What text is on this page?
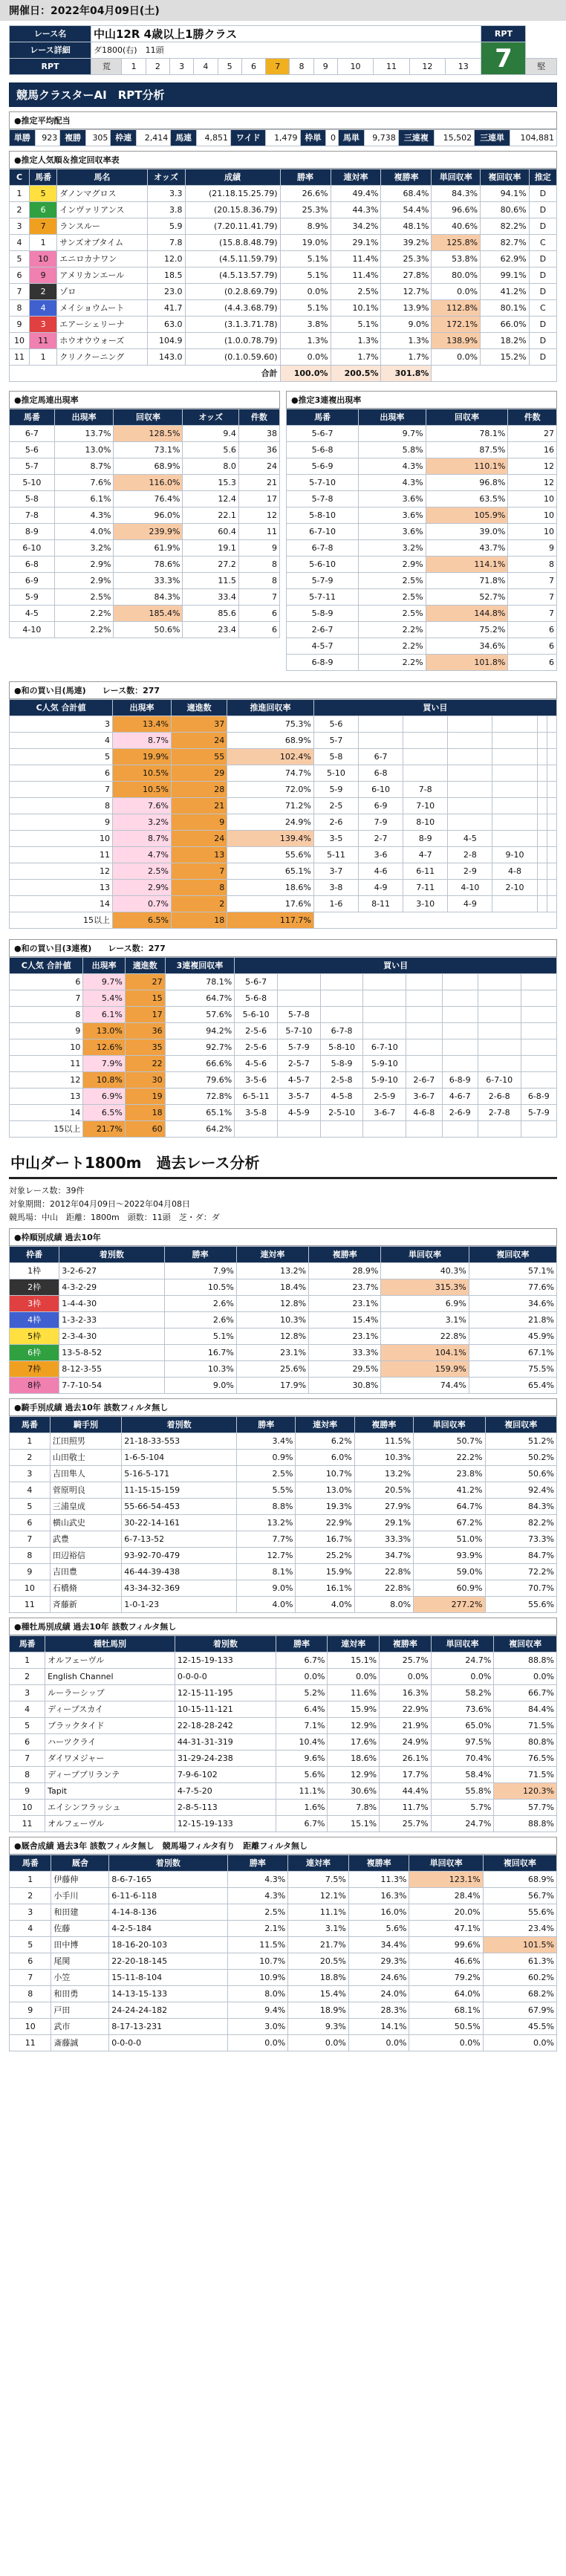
開催日：2022年04月09日(土)
レース名	中山12R 4歳以上1勝クラス														RPT	
レース詳細	ダ1800(右)　11頭														7	
RPT	荒	1	2	3	4	5	6	7	8	9	10	11	12	13		堅
競馬クラスターAI　RPT分析
●推定平均配当
単勝	923	複勝	305	枠連	2,414	馬連	4,851	ワイド	1,479	枠単	0	馬単	9,738	三連複	15,502	三連単	104,881
●推定人気順＆推定回収率表
C	馬番	馬名	オッズ	成績	勝率	連対率	複勝率	単回収率	複回収率	推定
1	5	ダノンマグロス	3.3	(21.18.15.25.79)	26.6%	49.4%	68.4%	84.3%	94.1%	D
2	6	インヴァリアンス	3.8	(20.15.8.36.79)	25.3%	44.3%	54.4%	96.6%	80.6%	D
3	7	ランスルー	5.9	(7.20.11.41.79)	8.9%	34.2%	48.1%	40.6%	82.2%	D
4	1	サンズオブタイム	7.8	(15.8.8.48.79)	19.0%	29.1%	39.2%	125.8%	82.7%	C
5	10	エニロカナワン	12.0	(4.5.11.59.79)	5.1%	11.4%	25.3%	53.8%	62.9%	D
6	9	アメリカンエール	18.5	(4.5.13.57.79)	5.1%	11.4%	27.8%	80.0%	99.1%	D
7	2	ゾロ	23.0	(0.2.8.69.79)	0.0%	2.5%	12.7%	0.0%	41.2%	D
8	4	メイショウムート	41.7	(4.4.3.68.79)	5.1%	10.1%	13.9%	112.8%	80.1%	C
9	3	エアーシェリーナ	63.0	(3.1.3.71.78)	3.8%	5.1%	9.0%	172.1%	66.0%	D
10	11	ホウオウウォーズ	104.9	(1.0.0.78.79)	1.3%	1.3%	1.3%	138.9%	18.2%	D
11	1	クリノクーニング	143.0	(0.1.0.59.60)	0.0%	1.7%	1.7%	0.0%	15.2%	D
合計					100.0%	200.5%	301.8%			
●推定馬連出現率
馬番	出現率	回収率	オッズ	件数
6-7	13.7%	128.5%	9.4	38
5-6	13.0%	73.1%	5.6	36
5-7	8.7%	68.9%	8.0	24
5-10	7.6%	116.0%	15.3	21
5-8	6.1%	76.4%	12.4	17
7-8	4.3%	96.0%	22.1	12
8-9	4.0%	239.9%	60.4	11
6-10	3.2%	61.9%	19.1	9
6-8	2.9%	78.6%	27.2	8
6-9	2.9%	33.3%	11.5	8
5-9	2.5%	84.3%	33.4	7
4-5	2.2%	185.4%	85.6	6
4-10	2.2%	50.6%	23.4	6
●推定3連複出現率
馬番	出現率	回収率	件数
5-6-7	9.7%	78.1%	27
5-6-8	5.8%	87.5%	16
5-6-9	4.3%	110.1%	12
5-7-10	4.3%	96.8%	12
5-7-8	3.6%	63.5%	10
5-8-10	3.6%	105.9%	10
6-7-10	3.6%	39.0%	10
6-7-8	3.2%	43.7%	9
5-6-10	2.9%	114.1%	8
5-7-9	2.5%	71.8%	7
5-7-11	2.5%	52.7%	7
5-8-9	2.5%	144.8%	7
2-6-7	2.2%	75.2%	6
4-5-7	2.2%	34.6%	6
6-8-9	2.2%	101.8%	6
●和の買い目(馬連)　　レース数：277
C人気 合計値	出現率	適進数	推進回収率	買い目						
3	13.4%	37	75.3%	5-6						
4	8.7%	24	68.9%	5-7						
5	19.9%	55	102.4%	5-8	6-7					
6	10.5%	29	74.7%	5-10	6-8					
7	10.5%	28	72.0%	5-9	6-10	7-8				
8	7.6%	21	71.2%	2-5	6-9	7-10				
9	3.2%	9	24.9%	2-6	7-9	8-10				
10	8.7%	24	139.4%	3-5	2-7	8-9	4-5			
11	4.7%	13	55.6%	5-11	3-6	4-7	2-8	9-10		
12	2.5%	7	65.1%	3-7	4-6	6-11	2-9	4-8		
13	2.9%	8	18.6%	3-8	4-9	7-11	4-10	2-10		
14	0.7%	2	17.6%	1-6	8-11	3-10	4-9			
15以上	6.5%	18	117.7%							
●和の買い目(3連複)　　レース数：277
C人気 合計値	出現率	適進数	3連複回収率	買い目							
6	9.7%	27	78.1%	5-6-7							
7	5.4%	15	64.7%	5-6-8							
8	6.1%	17	57.6%	5-6-10	5-7-8						
9	13.0%	36	94.2%	2-5-6	5-7-10	6-7-8					
10	12.6%	35	92.7%	2-5-6	5-7-9	5-8-10	6-7-10				
11	7.9%	22	66.6%	4-5-6	2-5-7	5-8-9	5-9-10				
12	10.8%	30	79.6%	3-5-6	4-5-7	2-5-8	5-9-10	2-6-7	6-8-9	6-7-10	
13	6.9%	19	72.8%	6-5-11	3-5-7	4-5-8	2-5-9	3-6-7	4-6-7	2-6-8	6-8-9
14	6.5%	18	65.1%	3-5-8	4-5-9	2-5-10	3-6-7	4-6-8	2-6-9	2-7-8	5-7-9
15以上	21.7%	60	64.2%								
中山ダート1800m　過去レース分析
対象レース数：39件
対象期間：2012年04月09日～2022年04月08日
競馬場：中山　距離：1800m　頭数：11頭　芝・ダ：ダ
●枠順別成績 過去10年
枠番	着別数	勝率	連対率	複勝率	単回収率	複回収率
1枠	3-2-6-27	7.9%	13.2%	28.9%	40.3%	57.1%
2枠	4-3-2-29	10.5%	18.4%	23.7%	315.3%	77.6%
3枠	1-4-4-30	2.6%	12.8%	23.1%	6.9%	34.6%
4枠	1-3-2-33	2.6%	10.3%	15.4%	3.1%	21.8%
5枠	2-3-4-30	5.1%	12.8%	23.1%	22.8%	45.9%
6枠	13-5-8-52	16.7%	23.1%	33.3%	104.1%	67.1%
7枠	8-12-3-55	10.3%	25.6%	29.5%	159.9%	75.5%
8枠	7-7-10-54	9.0%	17.9%	30.8%	74.4%	65.4%
●騎手別成績 過去10年 該数フィルタ無し
馬番	騎手別	着別数	勝率	連対率	複勝率	単回収率	複回収率
1	江田照男	21-18-33-553	3.4%	6.2%	11.5%	50.7%	51.2%
2	山田敬士	1-6-5-104	0.9%	6.0%	10.3%	22.2%	50.2%
3	吉田隼人	5-16-5-171	2.5%	10.7%	13.2%	23.8%	50.6%
4	菅原明良	11-15-15-159	5.5%	13.0%	20.5%	41.2%	92.4%
5	三浦皇成	55-66-54-453	8.8%	19.3%	27.9%	64.7%	84.3%
6	横山武史	30-22-14-161	13.2%	22.9%	29.1%	67.2%	82.2%
7	武豊	6-7-13-52	7.7%	16.7%	33.3%	51.0%	73.3%
8	田辺裕信	93-92-70-479	12.7%	25.2%	34.7%	93.9%	84.7%
9	吉田豊	46-44-39-438	8.1%	15.9%	22.8%	59.0%	72.2%
10	石橋脩	43-34-32-369	9.0%	16.1%	22.8%	60.9%	70.7%
11	斉藤新	1-0-1-23	4.0%	4.0%	8.0%	277.2%	55.6%
●種牡馬別成績 過去10年 該数フィルタ無し
馬番	種牡馬別	着別数	勝率	連対率	複勝率	単回収率	複回収率
1	オルフェーヴル	12-15-19-133	6.7%	15.1%	25.7%	24.7%	88.8%
2	English Channel	0-0-0-0	0.0%	0.0%	0.0%	0.0%	0.0%
3	ルーラーシップ	12-15-11-195	5.2%	11.6%	16.3%	58.2%	66.7%
4	ディープスカイ	10-15-11-121	6.4%	15.9%	22.9%	73.6%	84.4%
5	ブラックタイド	22-18-28-242	7.1%	12.9%	21.9%	65.0%	71.5%
6	ハーツクライ	44-31-31-319	10.4%	17.6%	24.9%	97.5%	80.8%
7	ダイワメジャー	31-29-24-238	9.6%	18.6%	26.1%	70.4%	76.5%
8	ディープブリランテ	7-9-6-102	5.6%	12.9%	17.7%	58.4%	71.5%
9	Tapit	4-7-5-20	11.1%	30.6%	44.4%	55.8%	120.3%
10	エイシンフラッシュ	2-8-5-113	1.6%	7.8%	11.7%	5.7%	57.7%
11	オルフェーヴル	12-15-19-133	6.7%	15.1%	25.7%	24.7%	88.8%
●厩舎成績 過去3年 該数フィルタ無し　競馬場フィルタ有り　距離フィルタ無し
馬番	厩舎	着別数	勝率	連対率	複勝率	単回収率	複回収率
1	伊藤伸	8-6-7-165	4.3%	7.5%	11.3%	123.1%	68.9%
2	小手川	6-11-6-118	4.3%	12.1%	16.3%	28.4%	56.7%
3	和田建	4-14-8-136	2.5%	11.1%	16.0%	20.0%	55.6%
4	佐藤	4-2-5-184	2.1%	3.1%	5.6%	47.1%	23.4%
5	田中博	18-16-20-103	11.5%	21.7%	34.4%	99.6%	101.5%
6	尾関	22-20-18-145	10.7%	20.5%	29.3%	46.6%	61.3%
7	小笠	15-11-8-104	10.9%	18.8%	24.6%	79.2%	60.2%
8	和田勇	14-13-15-133	8.0%	15.4%	24.0%	64.0%	68.2%
9	戸田	24-24-24-182	9.4%	18.9%	28.3%	68.1%	67.9%
10	武市	8-17-13-231	3.0%	9.3%	14.1%	50.5%	45.5%
11	斎藤誠	0-0-0-0	0.0%	0.0%	0.0%	0.0%	0.0%
